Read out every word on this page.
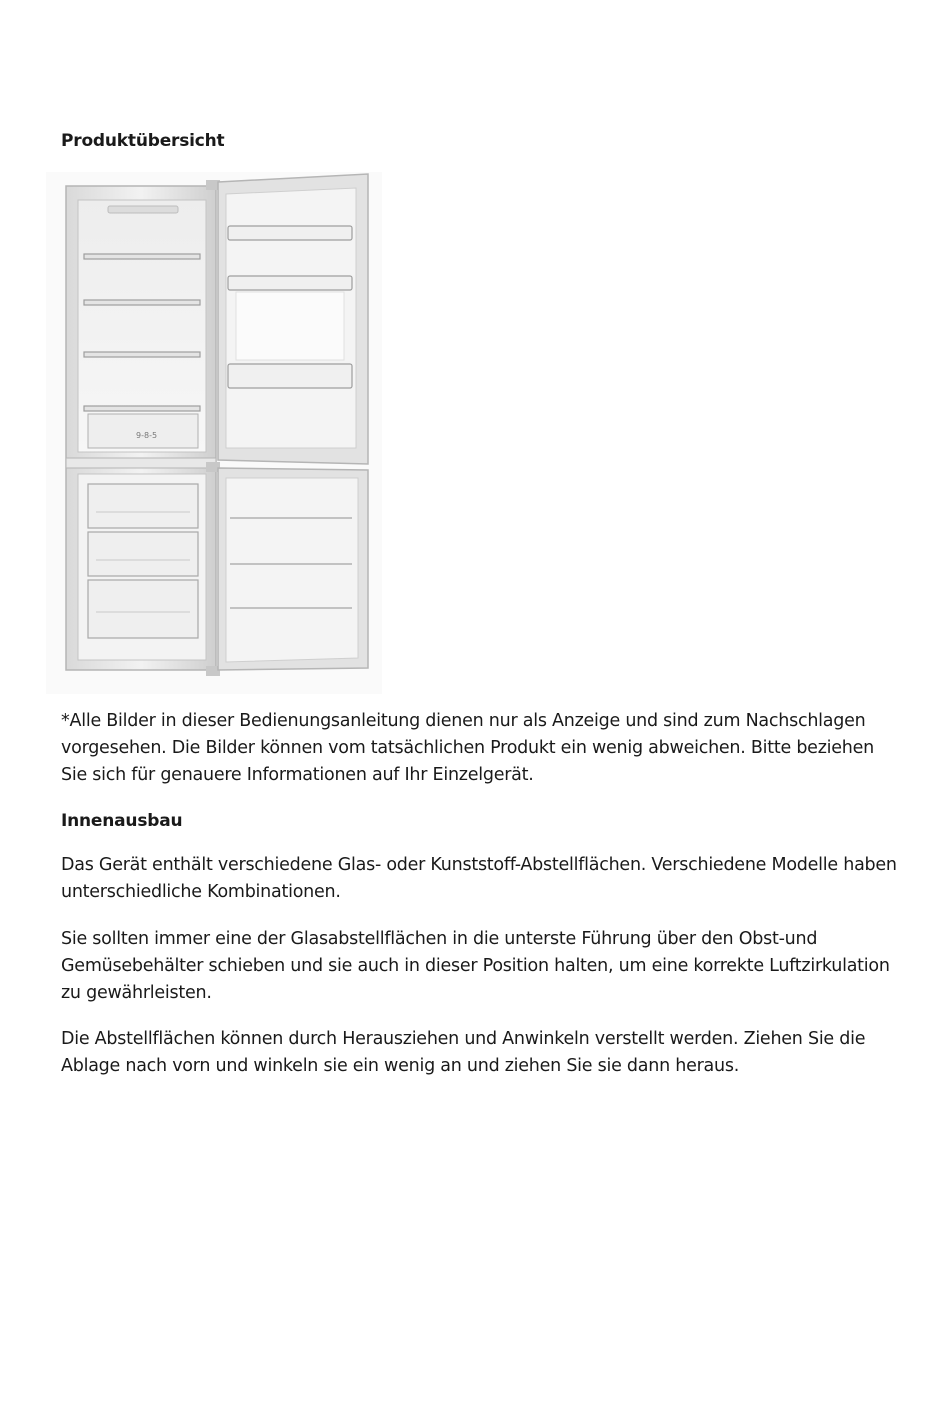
Produktübersicht
9-8-5

*Alle Bilder in dieser Bedienungsanleitung dienen nur als Anzeige und sind zum Nachschlagen vorgesehen. Die Bilder können vom tatsächlichen Produkt ein wenig abweichen. Bitte beziehen Sie sich für genauere Informationen auf Ihr Einzelgerät.

Innenausbau

Das Gerät enthält verschiedene Glas- oder Kunststoff-Abstellflächen. Verschiedene Modelle haben unterschiedliche Kombinationen.

Sie sollten immer eine der Glasabstellflächen in die unterste Führung über den Obst-und Gemüsebehälter schieben und sie auch in dieser Position halten, um eine korrekte Luftzirkulation zu gewährleisten.

Die Abstellflächen können durch Herausziehen und Anwinkeln verstellt werden. Ziehen Sie die Ablage nach vorn und winkeln sie ein wenig an und ziehen Sie sie dann heraus.
